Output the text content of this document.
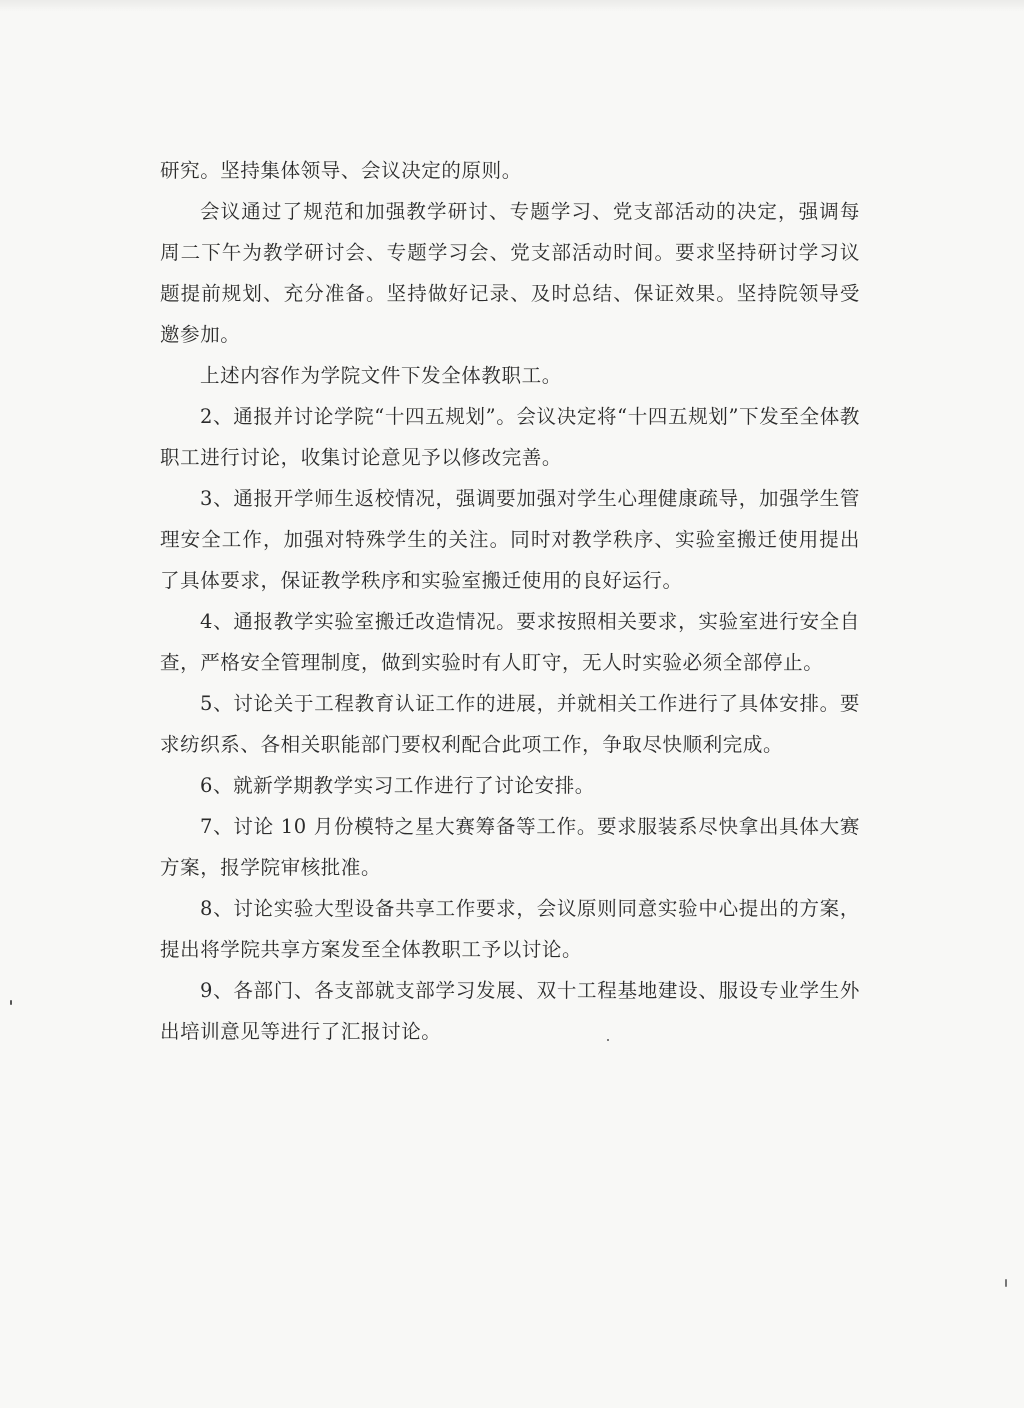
研究。坚持集体领导、会议决定的原则。

会议通过了规范和加强教学研讨、专题学习、党支部活动的决定，强调每周二下午为教学研讨会、专题学习会、党支部活动时间。要求坚持研讨学习议题提前规划、充分准备。坚持做好记录、及时总结、保证效果。坚持院领导受邀参加。

上述内容作为学院文件下发全体教职工。

2、通报并讨论学院“十四五规划”。会议决定将“十四五规划”下发至全体教职工进行讨论，收集讨论意见予以修改完善。

3、通报开学师生返校情况，强调要加强对学生心理健康疏导，加强学生管理安全工作，加强对特殊学生的关注。同时对教学秩序、实验室搬迁使用提出了具体要求，保证教学秩序和实验室搬迁使用的良好运行。

4、通报教学实验室搬迁改造情况。要求按照相关要求，实验室进行安全自查，严格安全管理制度，做到实验时有人盯守，无人时实验必须全部停止。

5、讨论关于工程教育认证工作的进展，并就相关工作进行了具体安排。要求纺织系、各相关职能部门要权利配合此项工作，争取尽快顺利完成。

6、就新学期教学实习工作进行了讨论安排。

7、讨论 10 月份模特之星大赛筹备等工作。要求服装系尽快拿出具体大赛方案，报学院审核批准。

8、讨论实验大型设备共享工作要求，会议原则同意实验中心提出的方案，提出将学院共享方案发至全体教职工予以讨论。

9、各部门、各支部就支部学习发展、双十工程基地建设、服设专业学生外出培训意见等进行了汇报讨论。
